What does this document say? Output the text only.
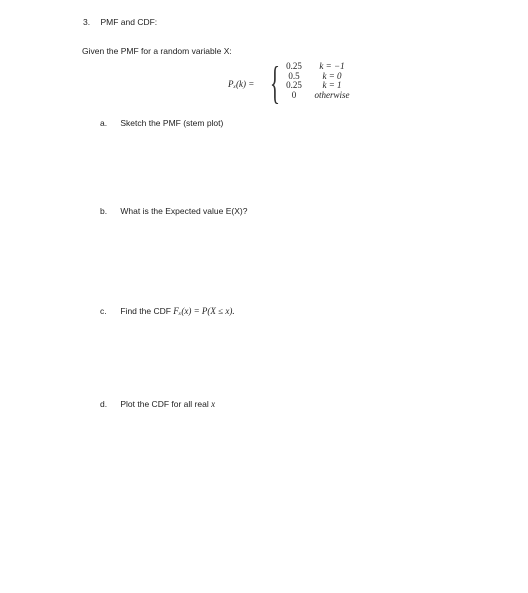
3. PMF and CDF:
Given the PMF for a random variable X:
Pₓ(k) = { 0.25
0.5
0.25
0
k = −1
k = 0
k = 1
otherwise
a. Sketch the PMF (stem plot)
b. What is the Expected value E(X)?
c. Find the CDF Fₓ(x) = P(X ≤ x).
d. Plot the CDF for all real x
